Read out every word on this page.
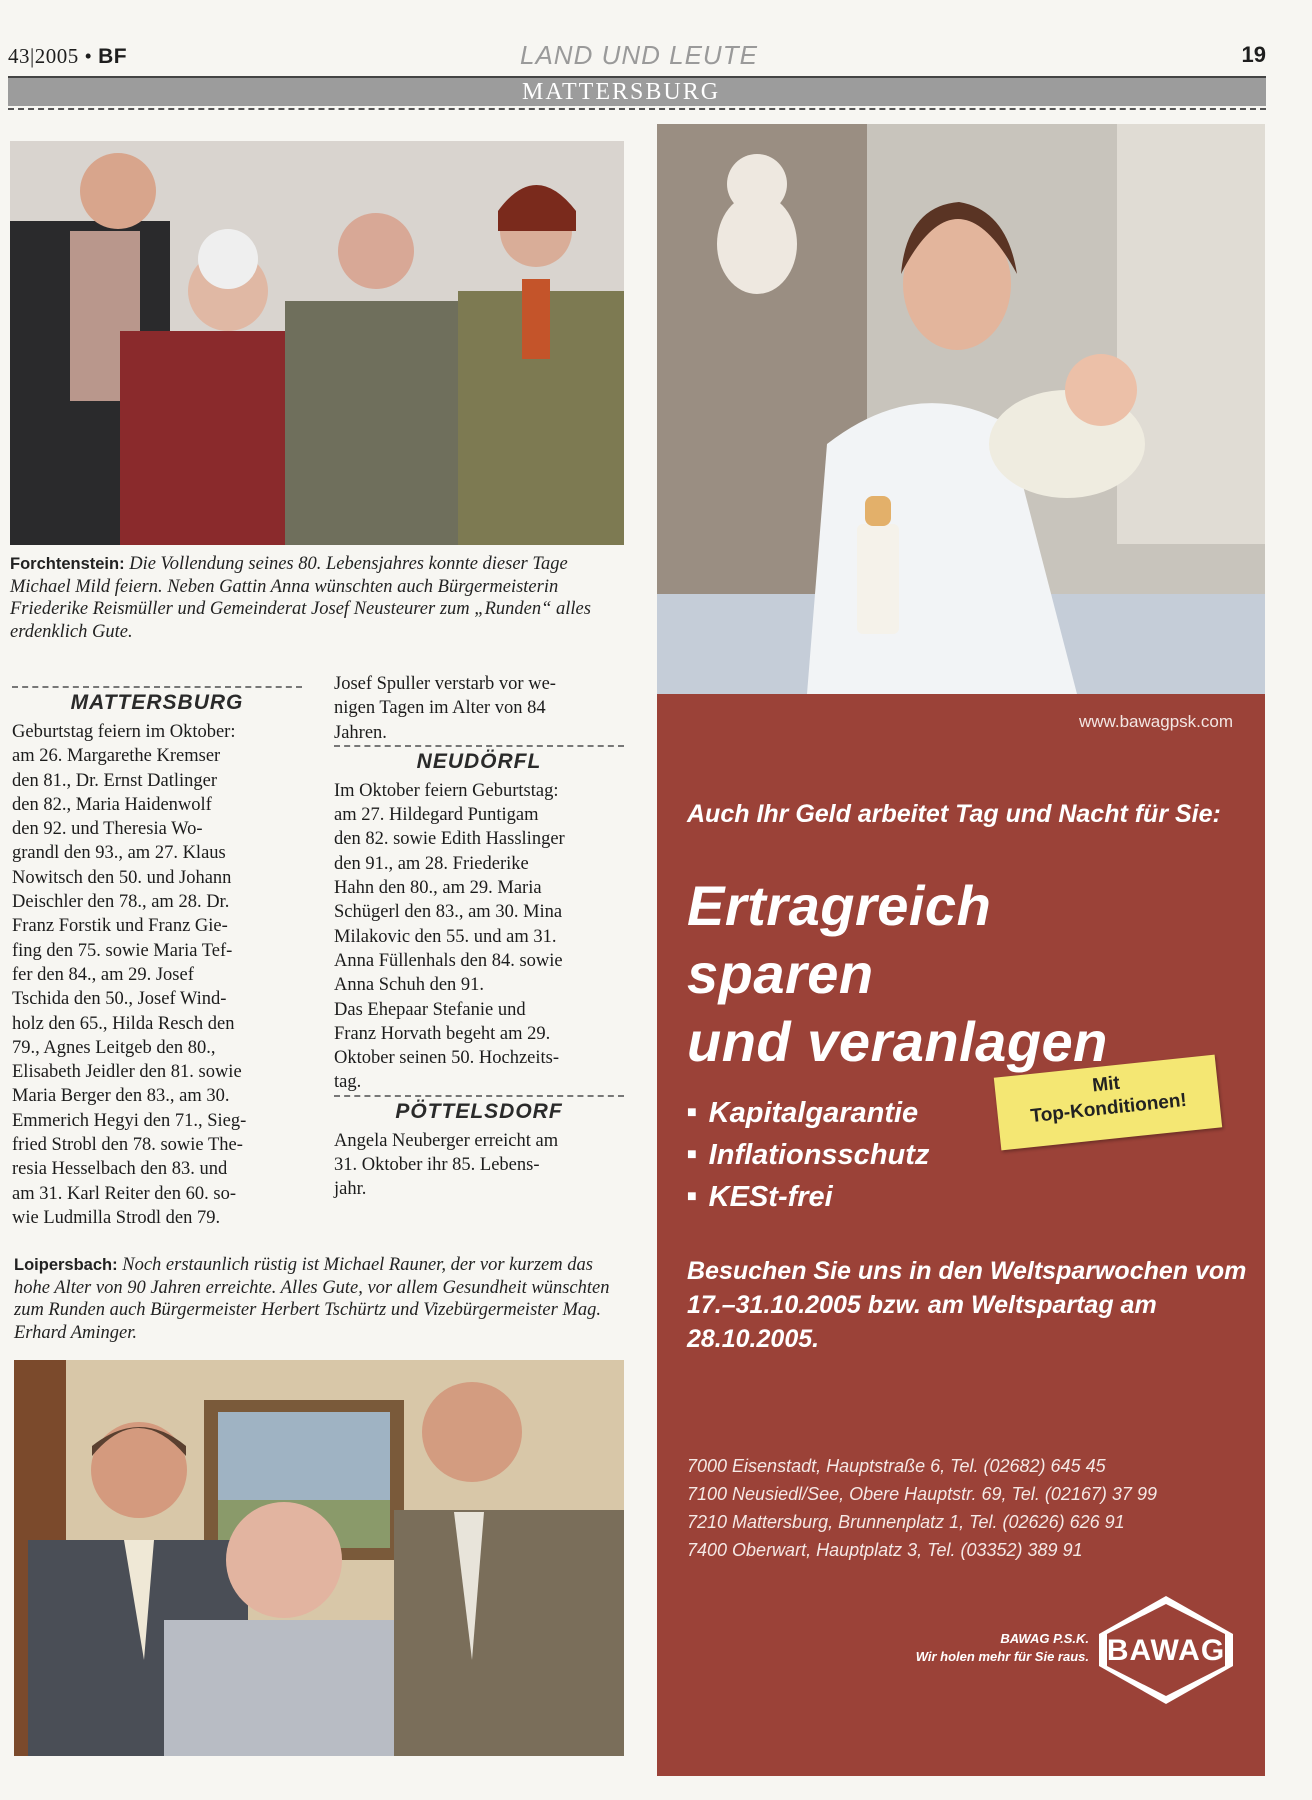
43|2005 • BF	LAND UND LEUTE	19
MATTERSBURG
Forchtenstein: Die Vollendung seines 80. Lebensjahres konnte dieser Tage Michael Mild feiern. Neben Gattin Anna wünschten auch Bürgermeisterin Friederike Reismüller und Gemeinderat Josef Neusteurer zum „Runden“ alles erdenklich Gute.
MATTERSBURG

Geburtstag feiern im Oktober:
am 26. Margarethe Kremser
den 81., Dr. Ernst Datlinger
den 82., Maria Haidenwolf
den 92. und Theresia Wo-
grandl den 93., am 27. Klaus
Nowitsch den 50. und Johann
Deischler den 78., am 28. Dr.
Franz Forstik und Franz Gie-
fing den 75. sowie Maria Tef-
fer den 84., am 29. Josef
Tschida den 50., Josef Wind-
holz den 65., Hilda Resch den
79., Agnes Leitgeb den 80.,
Elisabeth Jeidler den 81. sowie
Maria Berger den 83., am 30.
Emmerich Hegyi den 71., Sieg-
fried Strobl den 78. sowie The-
resia Hesselbach den 83. und
am 31. Karl Reiter den 60. so-
wie Ludmilla Strodl den 79.

Josef Spuller verstarb vor we-
nigen Tagen im Alter von 84
Jahren.

NEUDÖRFL

Im Oktober feiern Geburtstag:
am 27. Hildegard Puntigam
den 82. sowie Edith Hasslinger
den 91., am 28. Friederike
Hahn den 80., am 29. Maria
Schügerl den 83., am 30. Mina
Milakovic den 55. und am 31.
Anna Füllenhals den 84. sowie
Anna Schuh den 91.
Das Ehepaar Stefanie und
Franz Horvath begeht am 29.
Oktober seinen 50. Hochzeits-
tag.

PÖTTELSDORF

Angela Neuberger erreicht am
31. Oktober ihr 85. Lebens-
jahr.

Loipersbach: Noch erstaunlich rüstig ist Michael Rauner, der vor kurzem das hohe Alter von 90 Jahren erreichte. Alles Gute, vor allem Gesundheit wünschten zum Runden auch Bürgermeister Herbert Tschürtz und Vizebürgermeister Mag. Erhard Aminger.
www.bawagpsk.com
Auch Ihr Geld arbeitet Tag und Nacht für Sie:
Ertragreich
sparen
und veranlagen
■ Kapitalgarantie
■ Inflationsschutz
■ KESt-frei
Mit
Top-Konditionen!
Besuchen Sie uns in den Weltsparwochen vom 17.–31.10.2005 bzw. am Weltspartag am 28.10.2005.
7000 Eisenstadt, Hauptstraße 6, Tel. (02682) 645 45
7100 Neusiedl/See, Obere Hauptstr. 69, Tel. (02167) 37 99
7210 Mattersburg, Brunnenplatz 1, Tel. (02626) 626 91
7400 Oberwart, Hauptplatz 3, Tel. (03352) 389 91
BAWAG P.S.K.
Wir holen mehr für Sie raus. BAWAG
